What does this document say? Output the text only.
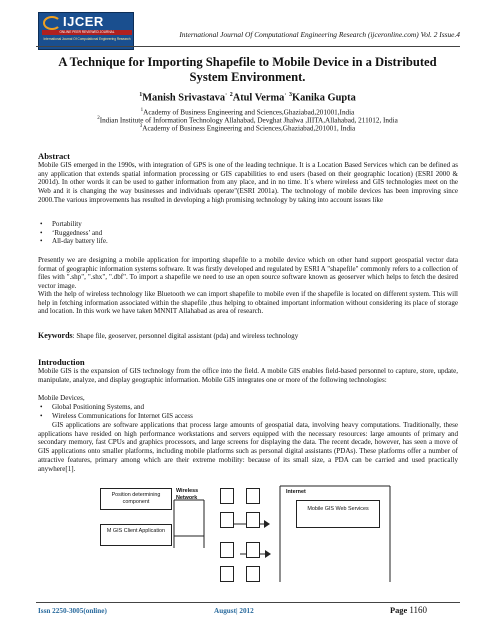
IJCER
ONLINE PEER REVIEWED JOURNAL
International Journal Of Computational Engineering Research	International Journal Of Computational Engineering Research (ijceronline.com) Vol. 2 Issue.4
A Technique for Importing Shapefile to Mobile Device in a Distributed
System Environment.
$^1$Manish Srivastava· $^2$Atul Verma· $^3$Kanika Gupta
$^1$Academy of Business Engineering and Sciences,Ghaziabad,201001,India
$^2$Indian Institute of Information Technology Allahabad, Devghat Jhalwa ,IIITA,Allahabad, 211012, India
$^3$Academy of Business Engineering and Sciences,Ghaziabad,201001, India
Abstract

Mobile GIS emerged in the 1990s, with integration of GPS is one of the leading technique. It is a Location Based Services which can be defined as any application that extends spatial information processing or GIS capabilities to end users (based on their geographic location) (ESRI 2000 & 2001d). In other words it can be used to gather information from any place, and in no time. It`s where wireless and GIS technologies meet on the Web and it is changing the way businesses and individuals operate"(ESRI 2001a). The technology of mobile devices has been improving since 2000.The various improvements has resulted in developing a high promising technology by taking into account issues like

• Portability
• ‘Ruggedness’ and
• All-day battery life.

Presently we are designing a mobile application for importing shapefile to a mobile device which on other hand support geospatial vector data format of geographic information systems software. It was firstly developed and regulated by ESRI A "shapefile" commonly refers to a collection of files with ".shp", ".shx", ".dbf". To import a shapefile we need to use an open source software known as geoserver which helps to fetch the desired vector image.

With the help of wireless technology like Bluetooth we can import shapefile to mobile even if the shapefile is located on different system. This will help in fetching information associated within the shapefile ,thus helping to obtained important information without considering its place of storage and location. In this work we have taken MNNIT Allahabad as area of research.

Keywords: Shape file, geoserver, personnel digital assistant (pda) and wireless technology
Introduction

Mobile GIS is the expansion of GIS technology from the office into the field. A mobile GIS enables field-based personnel to capture, store, update, manipulate, analyze, and display geographic information. Mobile GIS integrates one or more of the following technologies:

Mobile Devices,
• Global Positioning Systems, and
• Wireless Communications for Internet GIS access

GIS applications are software applications that process large amounts of geospatial data, involving heavy computations. Traditionally, these applications have resided on high performance workstations and servers equipped with the necessary resources: large amounts of primary and secondary memory, fast CPUs and graphics processors, and large screens for displaying the data. The recent decade, however, has seen a move of GIS applications onto smaller platforms, including mobile platforms such as personal digital assistants (PDAs). These platforms offer a number of attractive features, primary among which are their extreme mobility: because of its small size, a PDA can be carried and used practically anywhere[1].

Position determining component
M GIS Client Application
Wireless Network
Internet
Mobile GIS Web Services
Issn 2250-3005(online)	August| 2012	Page 1160
